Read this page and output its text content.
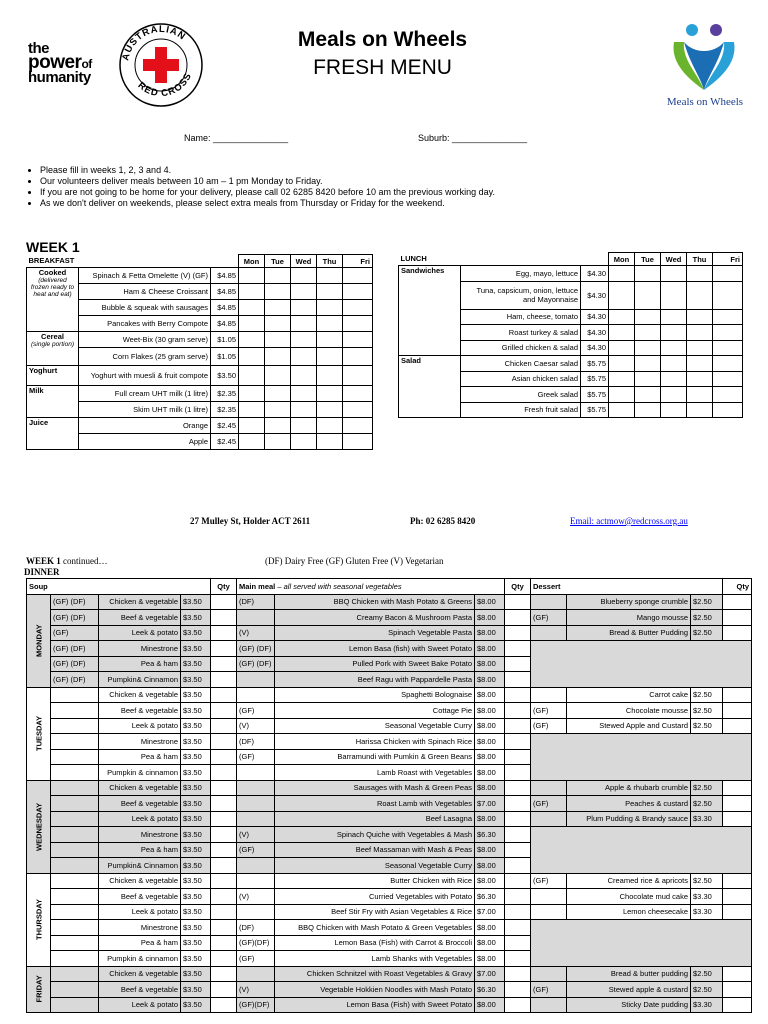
the
powerof
humanity
AUSTRALIAN
RED CROSS
Meals on Wheels
FRESH MENU
Meals on Wheels
Name: _______________	Suburb: _______________
• Please fill in weeks 1, 2, 3 and 4.
• Our volunteers deliver meals between 10 am – 1 pm Monday to Friday.
• If you are not going to be home for your delivery, please call 02 6285 8420 before 10 am the previous working day.
• As we don't deliver on weekends, please select extra meals from Thursday or Friday for the weekend.
WEEK 1
BREAKFAST			Mon	Tue	Wed	Thu	Fri

Cooked
(delivered frozen ready to heat and eat)	Spinach & Fetta Omelette (V) (GF)	$4.85					
	Ham & Cheese Croissant	$4.85					
	Bubble & squeak with sausages	$4.85					
	Pancakes with Berry Compote	$4.85					

Cereal
(single portion)	Weet-Bix (30 gram serve)	$1.05					
	Corn Flakes (25 gram serve)	$1.05					

Yoghurt	Yoghurt with muesli & fruit compote	$3.50					

Milk	Full cream UHT milk (1 litre)	$2.35					
	Skim UHT milk (1 litre)	$2.35					

Juice	Orange	$2.45					
	Apple	$2.45					
LUNCH			Mon	Tue	Wed	Thu	Fri
Sandwiches	Egg, mayo, lettuce	$4.30					
	Tuna, capsicum, onion, lettuce and Mayonnaise	$4.30					
	Ham, cheese, tomato	$4.30					
	Roast turkey & salad	$4.30					
	Grilled chicken & salad	$4.30					
Salad	Chicken Caesar salad	$5.75					
	Asian chicken salad	$5.75					
	Greek salad	$5.75					
	Fresh fruit salad	$5.75					
27 Mulley St, Holder ACT 2611	Ph: 02 6285 8420	Email: actmow@redcross.org.au
WEEK 1 continued…	(DF) Dairy Free (GF) Gluten Free (V) Vegetarian
DINNER
Soup				Qty	Main meal – all served with seasonal vegetables			Qty	Dessert			Qty
MONDAY	(GF) (DF)	Chicken & vegetable	$3.50		(DF)	BBQ Chicken with Mash Potato & Greens	$8.00			Blueberry sponge crumble	$2.50	
	(GF) (DF)	Beef & vegetable	$3.50			Creamy Bacon & Mushroom Pasta	$8.00		(GF)	Mango mousse	$2.50	
	(GF)	Leek & potato	$3.50		(V)	Spinach Vegetable Pasta	$8.00			Bread & Butter Pudding	$2.50	
	(GF) (DF)	Minestrone	$3.50		(GF) (DF)	Lemon Basa (fish) with Sweet Potato	$8.00					
	(GF) (DF)	Pea & ham	$3.50		(GF) (DF)	Pulled Pork with Sweet Bake Potato	$8.00					
	(GF) (DF)	Pumpkin& Cinnamon	$3.50			Beef Ragu with Pappardelle Pasta	$8.00					
TUESDAY		Chicken & vegetable	$3.50			Spaghetti Bolognaise	$8.00			Carrot cake	$2.50	
		Beef & vegetable	$3.50		(GF)	Cottage Pie	$8.00		(GF)	Chocolate mousse	$2.50	
		Leek & potato	$3.50		(V)	Seasonal Vegetable Curry	$8.00		(GF)	Stewed Apple and Custard	$2.50	
		Minestrone	$3.50		(DF)	Harissa Chicken with Spinach Rice	$8.00					
		Pea & ham	$3.50		(GF)	Barramundi with Pumkin & Green Beans	$8.00					
		Pumpkin & cinnamon	$3.50			Lamb Roast with Vegetables	$8.00					
WEDNESDAY		Chicken & vegetable	$3.50			Sausages with Mash & Green Peas	$8.00			Apple & rhubarb crumble	$2.50	
		Beef & vegetable	$3.50			Roast Lamb with Vegetables	$7.00		(GF)	Peaches & custard	$2.50	
		Leek & potato	$3.50			Beef Lasagna	$8.00			Plum Pudding & Brandy sauce	$3.30	
		Minestrone	$3.50		(V)	Spinach Quiche with Vegetables & Mash	$6.30					
		Pea & ham	$3.50		(GF)	Beef Massaman with Mash & Peas	$8.00					
		Pumpkin& Cinnamon	$3.50			Seasonal Vegetable Curry	$8.00					
THURSDAY		Chicken & vegetable	$3.50			Butter Chicken with Rice	$8.00		(GF)	Creamed rice & apricots	$2.50	
		Beef & vegetable	$3.50		(V)	Curried Vegetables with Potato	$6.30			Chocolate mud cake	$3.30	
		Leek & potato	$3.50			Beef Stir Fry with Asian Vegetables & Rice	$7.00			Lemon cheesecake	$3.30	
		Minestrone	$3.50		(DF)	BBQ Chicken with Mash Potato & Green Vegetables	$8.00					
		Pea & ham	$3.50		(GF)(DF)	Lemon Basa (Fish) with Carrot & Broccoli	$8.00					
		Pumpkin & cinnamon	$3.50		(GF)	Lamb Shanks with Vegetables	$8.00					
FRIDAY		Chicken & vegetable	$3.50			Chicken Schnitzel with Roast Vegetables & Gravy	$7.00			Bread & butter pudding	$2.50	
		Beef & vegetable	$3.50		(V)	Vegetable Hokkien Noodles with Mash Potato	$6.30		(GF)	Stewed apple & custard	$2.50	
		Leek & potato	$3.50		(GF)(DF)	Lemon Basa (Fish) with Sweet Potato	$8.00			Sticky Date pudding	$3.30	
